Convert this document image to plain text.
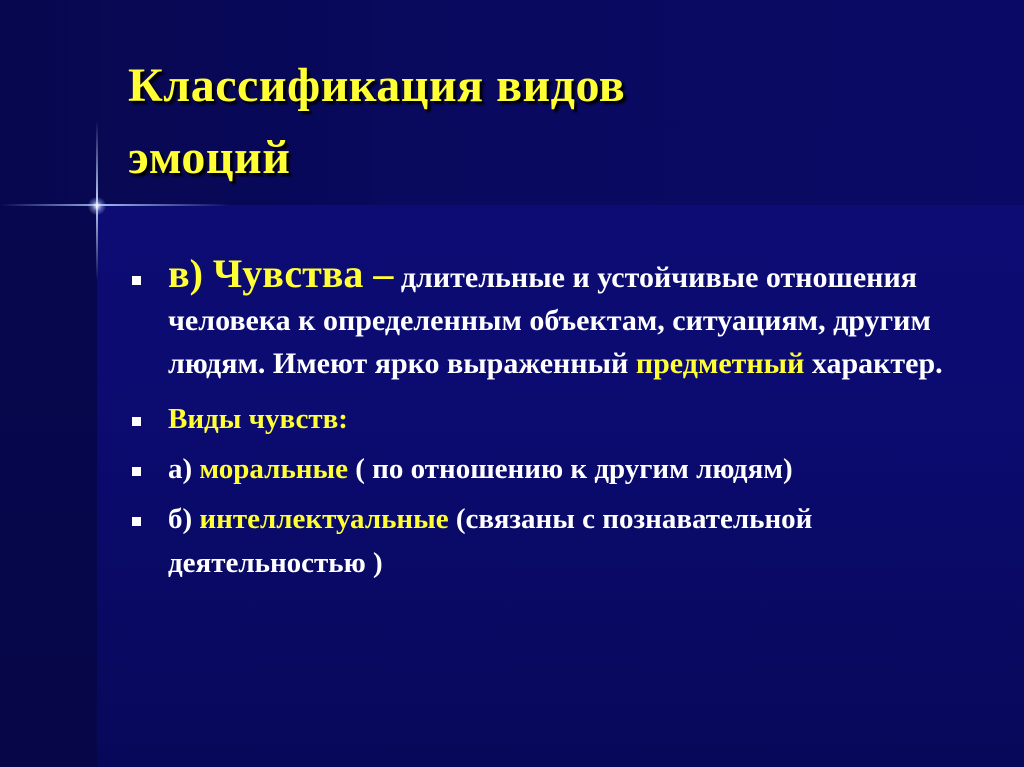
Классификация видов
эмоций
в) Чувства – длительные и устойчивые отношения человека к определенным объектам, ситуациям, другим людям. Имеют ярко выраженный предметный характер.
Виды чувств:
а) моральные ( по отношению к другим людям)
б) интеллектуальные (связаны с познавательной деятельностью )
